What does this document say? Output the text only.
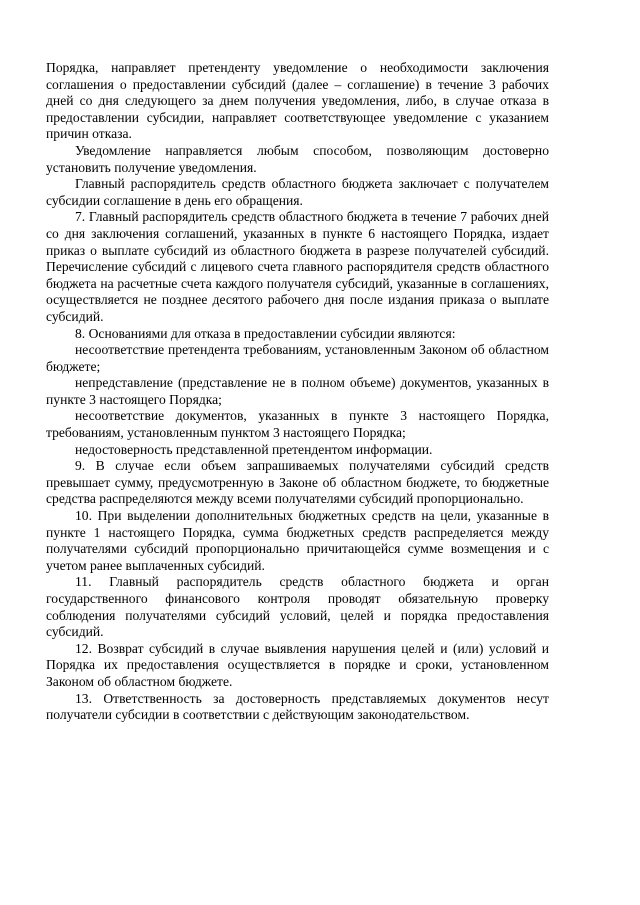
Порядка, направляет претенденту уведомление о необходимости заключения соглашения о предоставлении субсидий (далее – соглашение) в течение 3 рабочих дней со дня следующего за днем получения уведомления, либо, в случае отказа в предоставлении субсидии, направляет соответствующее уведомление с указанием причин отказа.

Уведомление направляется любым способом, позволяющим достоверно установить получение уведомления.

Главный распорядитель средств областного бюджета заключает с получателем субсидии соглашение в день его обращения.

7. Главный распорядитель средств областного бюджета в течение 7 рабочих дней со дня заключения соглашений, указанных в пункте 6 настоящего Порядка, издает приказ о выплате субсидий из областного бюджета в разрезе получателей субсидий. Перечисление субсидий с лицевого счета главного распорядителя средств областного бюджета на расчетные счета каждого получателя субсидий, указанные в соглашениях, осуществляется не позднее десятого рабочего дня после издания приказа о выплате субсидий.

8. Основаниями для отказа в предоставлении субсидии являются:

несоответствие претендента требованиям, установленным Законом об областном бюджете;

непредставление (представление не в полном объеме) документов, указанных в пункте 3 настоящего Порядка;

несоответствие документов, указанных в пункте 3 настоящего Порядка, требованиям, установленным пунктом 3 настоящего Порядка;

недостоверность представленной претендентом информации.

9. В случае если объем запрашиваемых получателями субсидий средств превышает сумму, предусмотренную в Законе об областном бюджете, то бюджетные средства распределяются между всеми получателями субсидий пропорционально.

10. При выделении дополнительных бюджетных средств на цели, указанные в пункте 1 настоящего Порядка, сумма бюджетных средств распределяется между получателями субсидий пропорционально причитающейся сумме возмещения и с учетом ранее выплаченных субсидий.

11. Главный распорядитель средств областного бюджета и орган государственного финансового контроля проводят обязательную проверку соблюдения получателями субсидий условий, целей и порядка предоставления субсидий.

12. Возврат субсидий в случае выявления нарушения целей и (или) условий и Порядка их предоставления осуществляется в порядке и сроки, установленном Законом об областном бюджете.

13. Ответственность за достоверность представляемых документов несут получатели субсидии в соответствии с действующим законодательством.
